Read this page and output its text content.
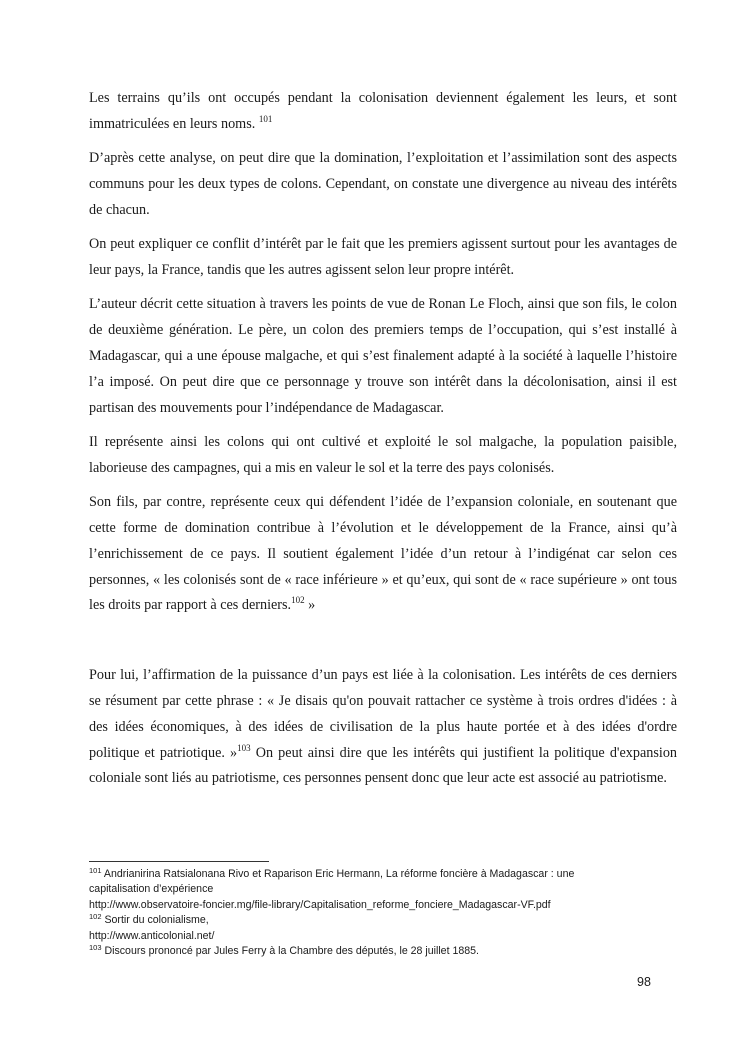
Les terrains qu’ils ont occupés pendant la colonisation deviennent également les leurs, et sont immatriculées en leurs noms. $^{101}$

D’après cette analyse, on peut dire que la domination, l’exploitation et l’assimilation sont des aspects communs pour les deux types de colons. Cependant, on constate une divergence au niveau des intérêts de chacun.

On peut expliquer ce conflit d’intérêt par le fait que les premiers agissent surtout pour les avantages de leur pays, la France, tandis que les autres agissent selon leur propre intérêt.

L’auteur décrit cette situation à travers les points de vue de Ronan Le Floch, ainsi que son fils, le colon de deuxième génération. Le père, un colon des premiers temps de l’occupation, qui s’est installé à Madagascar, qui a une épouse malgache, et qui s’est finalement adapté à la société à laquelle l’histoire l’a imposé. On peut dire que ce personnage y trouve son intérêt dans la décolonisation, ainsi il est partisan des mouvements pour l’indépendance de Madagascar.

Il représente ainsi les colons qui ont cultivé et exploité le sol malgache, la population paisible, laborieuse des campagnes, qui a mis en valeur le sol et la terre des pays colonisés.

Son fils, par contre, représente ceux qui défendent l’idée de l’expansion coloniale, en soutenant que cette forme de domination contribue à l’évolution et le développement de la France, ainsi qu’à l’enrichissement de ce pays. Il soutient également l’idée d’un retour à l’indigénat car selon ces personnes, « les colonisés sont de « race inférieure » et qu’eux, qui sont de « race supérieure » ont tous les droits par rapport à ces derniers.$^{102}$ »

Pour lui, l’affirmation de la puissance d’un pays est liée à la colonisation. Les intérêts de ces derniers se résument par cette phrase : « Je disais qu'on pouvait rattacher ce système à trois ordres d'idées : à des idées économiques, à des idées de civilisation de la plus haute portée et à des idées d'ordre politique et patriotique. »$^{103}$ On peut ainsi dire que les intérêts qui justifient la politique d'expansion coloniale sont liés au patriotisme, ces personnes pensent donc que leur acte est associé au patriotisme.

$^{101}$ Andrianirina Ratsialonana Rivo et Raparison Eric Hermann, La réforme foncière à Madagascar : une

capitalisation d’expérience

http://www.observatoire-foncier.mg/file-library/Capitalisation_reforme_fonciere_Madagascar-VF.pdf

$^{102}$ Sortir du colonialisme,

http://www.anticolonial.net/

$^{103}$ Discours prononcé par Jules Ferry à la Chambre des députés, le 28 juillet 1885.

98
